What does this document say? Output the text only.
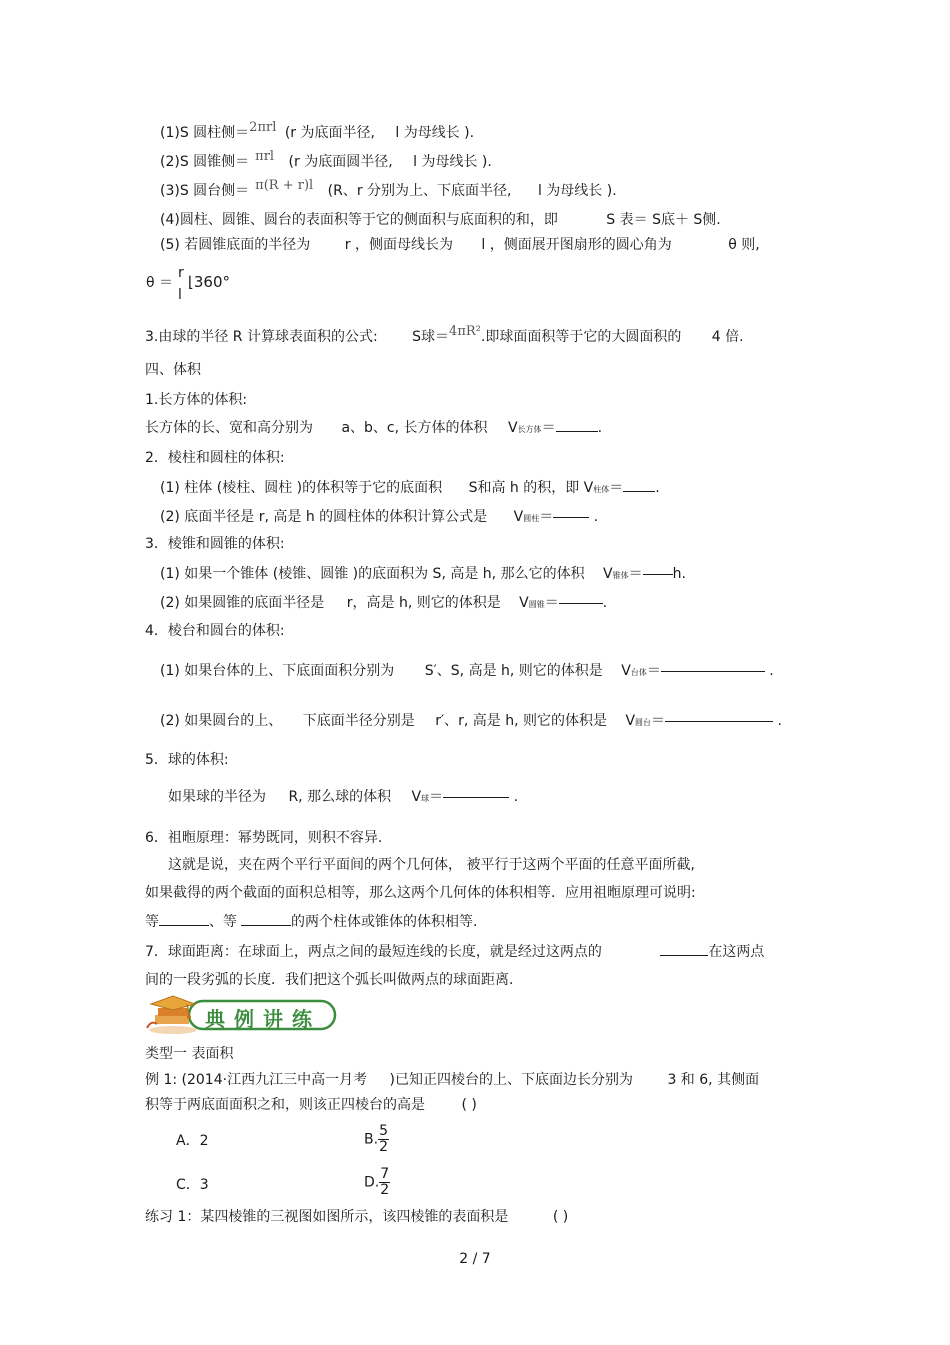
(1)S 圆柱侧＝2πrl (r 为底面半径, l 为母线长 ).
(2)S 圆锥侧＝ πrl (r 为底面圆半径, l 为母线长 ).
(3)S 圆台侧＝ π(R + r)l (R、r 分别为上、下底面半径, l 为母线长 ).
(4)圆柱、圆锥、圆台的表面积等于它的侧面积与底面积的和，即	S 表＝ S底＋ S侧.
(5) 若圆锥底面的半径为 r ，侧面母线长为 l ，侧面展开图扇形的圆心角为	θ 则,
θ ＝
r
l
⌊360°
3.由球的半径 R 计算球表面积的公式: S球＝4πR².即球面面积等于它的大圆面积的 4 倍.
四、体积
1.长方体的体积:
长方体的长、宽和高分别为 a、b、c, 长方体的体积 V长方体＝	.
2．棱柱和圆柱的体积:
(1) 柱体 (棱柱、圆柱 )的体积等于它的底面积 S和高 h 的积，即 V柱体＝ .
(2) 底面半径是 r, 高是 h 的圆柱体的体积计算公式是 V圆柱＝	.
3．棱锥和圆锥的体积:
(1) 如果一个锥体 (棱锥、圆锥 )的底面积为 S, 高是 h, 那么它的体积 V锥体＝ h.
(2) 如果圆锥的底面半径是 r，高是 h, 则它的体积是 V圆锥＝	.
4．棱台和圆台的体积:
(1) 如果台体的上、下底面面积分别为 S′、S, 高是 h, 则它的体积是 V台体＝	.
(2) 如果圆台的上、 下底面半径分别是 r′、r, 高是 h, 则它的体积是 V圆台＝	.
5．球的体积:
如果球的半径为 R, 那么球的体积 V球＝	.
6．祖暅原理：幂势既同，则积不容异.
这就是说，夹在两个平行平面间的两个几何体， 被平行于这两个平面的任意平面所截,
如果截得的两个截面的面积总相等，那么这两个几何体的体积相等．应用祖暅原理可说明:
等	、等	的两个柱体或锥体的体积相等.
7．球面距离：在球面上，两点之间的最短连线的长度，就是经过这两点的	在这两点
间的一段劣弧的长度．我们把这个弧长叫做两点的球面距离.
典例讲练
类型一 表面积
例 1: (2014·江西九江三中高一月考 )已知正四棱台的上、下底面边长分别为 3 和 6, 其侧面
积等于两底面面积之和，则该正四棱台的高是	( )
A．2	B. $\frac{5}{2}$
C．3	D. $\frac{7}{2}$
练习 1：某四棱锥的三视图如图所示，该四棱锥的表面积是	( )
2 / 7
